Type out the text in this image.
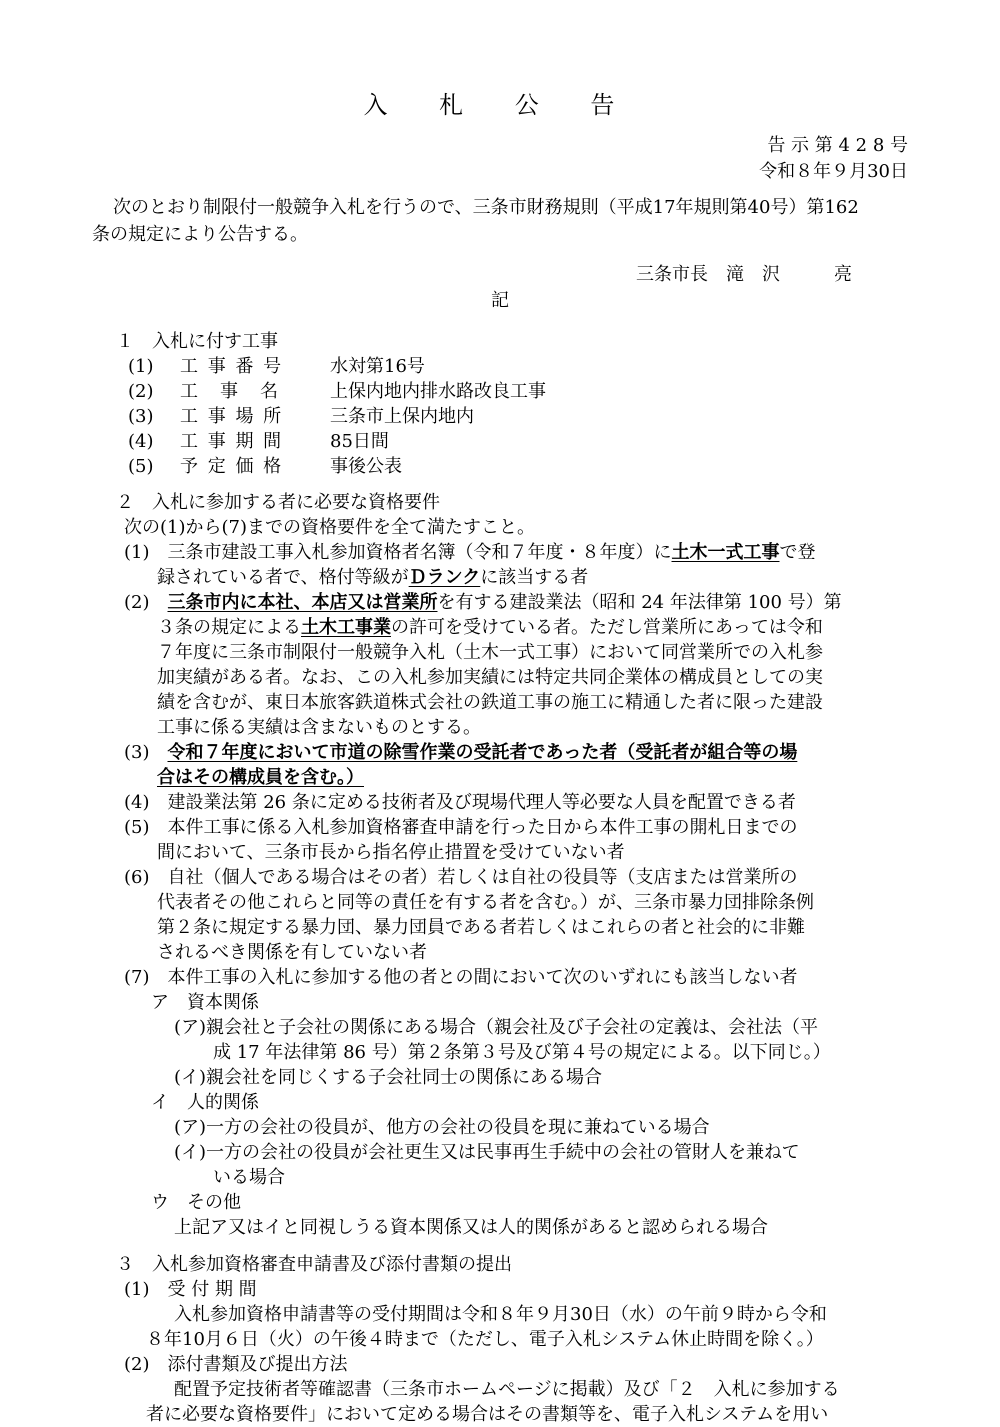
入 札 公 告
告 示 第 4 2 8 号
令和８年９月30日
次のとおり制限付一般競争入札を行うので、三条市財務規則（平成17年規則第40号）第162
条の規定により公告する。
三条市長　滝　沢　　　亮
記
１　入札に付す工事
(1) 工 事 番 号	水対第16号
(2) 工　事　名	上保内地内排水路改良工事
(3) 工 事 場 所	三条市上保内地内
(4) 工 事 期 間	85日間
(5) 予 定 価 格	事後公表
２　入札に参加する者に必要な資格要件
次の(1)から(7)までの資格要件を全て満たすこと。
(1)　三条市建設工事入札参加資格者名簿（令和７年度・８年度）に土木一式工事で登
録されている者で、格付等級がＤランクに該当する者
(2)　三条市内に本社、本店又は営業所を有する建設業法（昭和 24 年法律第 100 号）第
３条の規定による土木工事業の許可を受けている者。ただし営業所にあっては令和
７年度に三条市制限付一般競争入札（土木一式工事）において同営業所での入札参
加実績がある者。なお、この入札参加実績には特定共同企業体の構成員としての実
績を含むが、東日本旅客鉄道株式会社の鉄道工事の施工に精通した者に限った建設
工事に係る実績は含まないものとする。
(3)　令和７年度において市道の除雪作業の受託者であった者（受託者が組合等の場
合はその構成員を含む。）
(4)　建設業法第 26 条に定める技術者及び現場代理人等必要な人員を配置できる者
(5)　本件工事に係る入札参加資格審査申請を行った日から本件工事の開札日までの
間において、三条市長から指名停止措置を受けていない者
(6)　自社（個人である場合はその者）若しくは自社の役員等（支店または営業所の
代表者その他これらと同等の責任を有する者を含む。）が、三条市暴力団排除条例
第２条に規定する暴力団、暴力団員である者若しくはこれらの者と社会的に非難
されるべき関係を有していない者
(7)　本件工事の入札に参加する他の者との間において次のいずれにも該当しない者
ア　資本関係
(ア)親会社と子会社の関係にある場合（親会社及び子会社の定義は、会社法（平
成 17 年法律第 86 号）第２条第３号及び第４号の規定による。以下同じ。）
(イ)親会社を同じくする子会社同士の関係にある場合
イ　人的関係
(ア)一方の会社の役員が、他方の会社の役員を現に兼ねている場合
(イ)一方の会社の役員が会社更生又は民事再生手続中の会社の管財人を兼ねて
いる場合
ウ　その他
上記ア又はイと同視しうる資本関係又は人的関係があると認められる場合
３　入札参加資格審査申請書及び添付書類の提出
(1)　受 付 期 間
入札参加資格申請書等の受付期間は令和８年９月30日（水）の午前９時から令和
８年10月６日（火）の午後４時まで（ただし、電子入札システム休止時間を除く。）
(2)　添付書類及び提出方法
配置予定技術者等確認書（三条市ホームページに掲載）及び「２　入札に参加する
者に必要な資格要件」において定める場合はその書類等を、電子入札システムを用い
